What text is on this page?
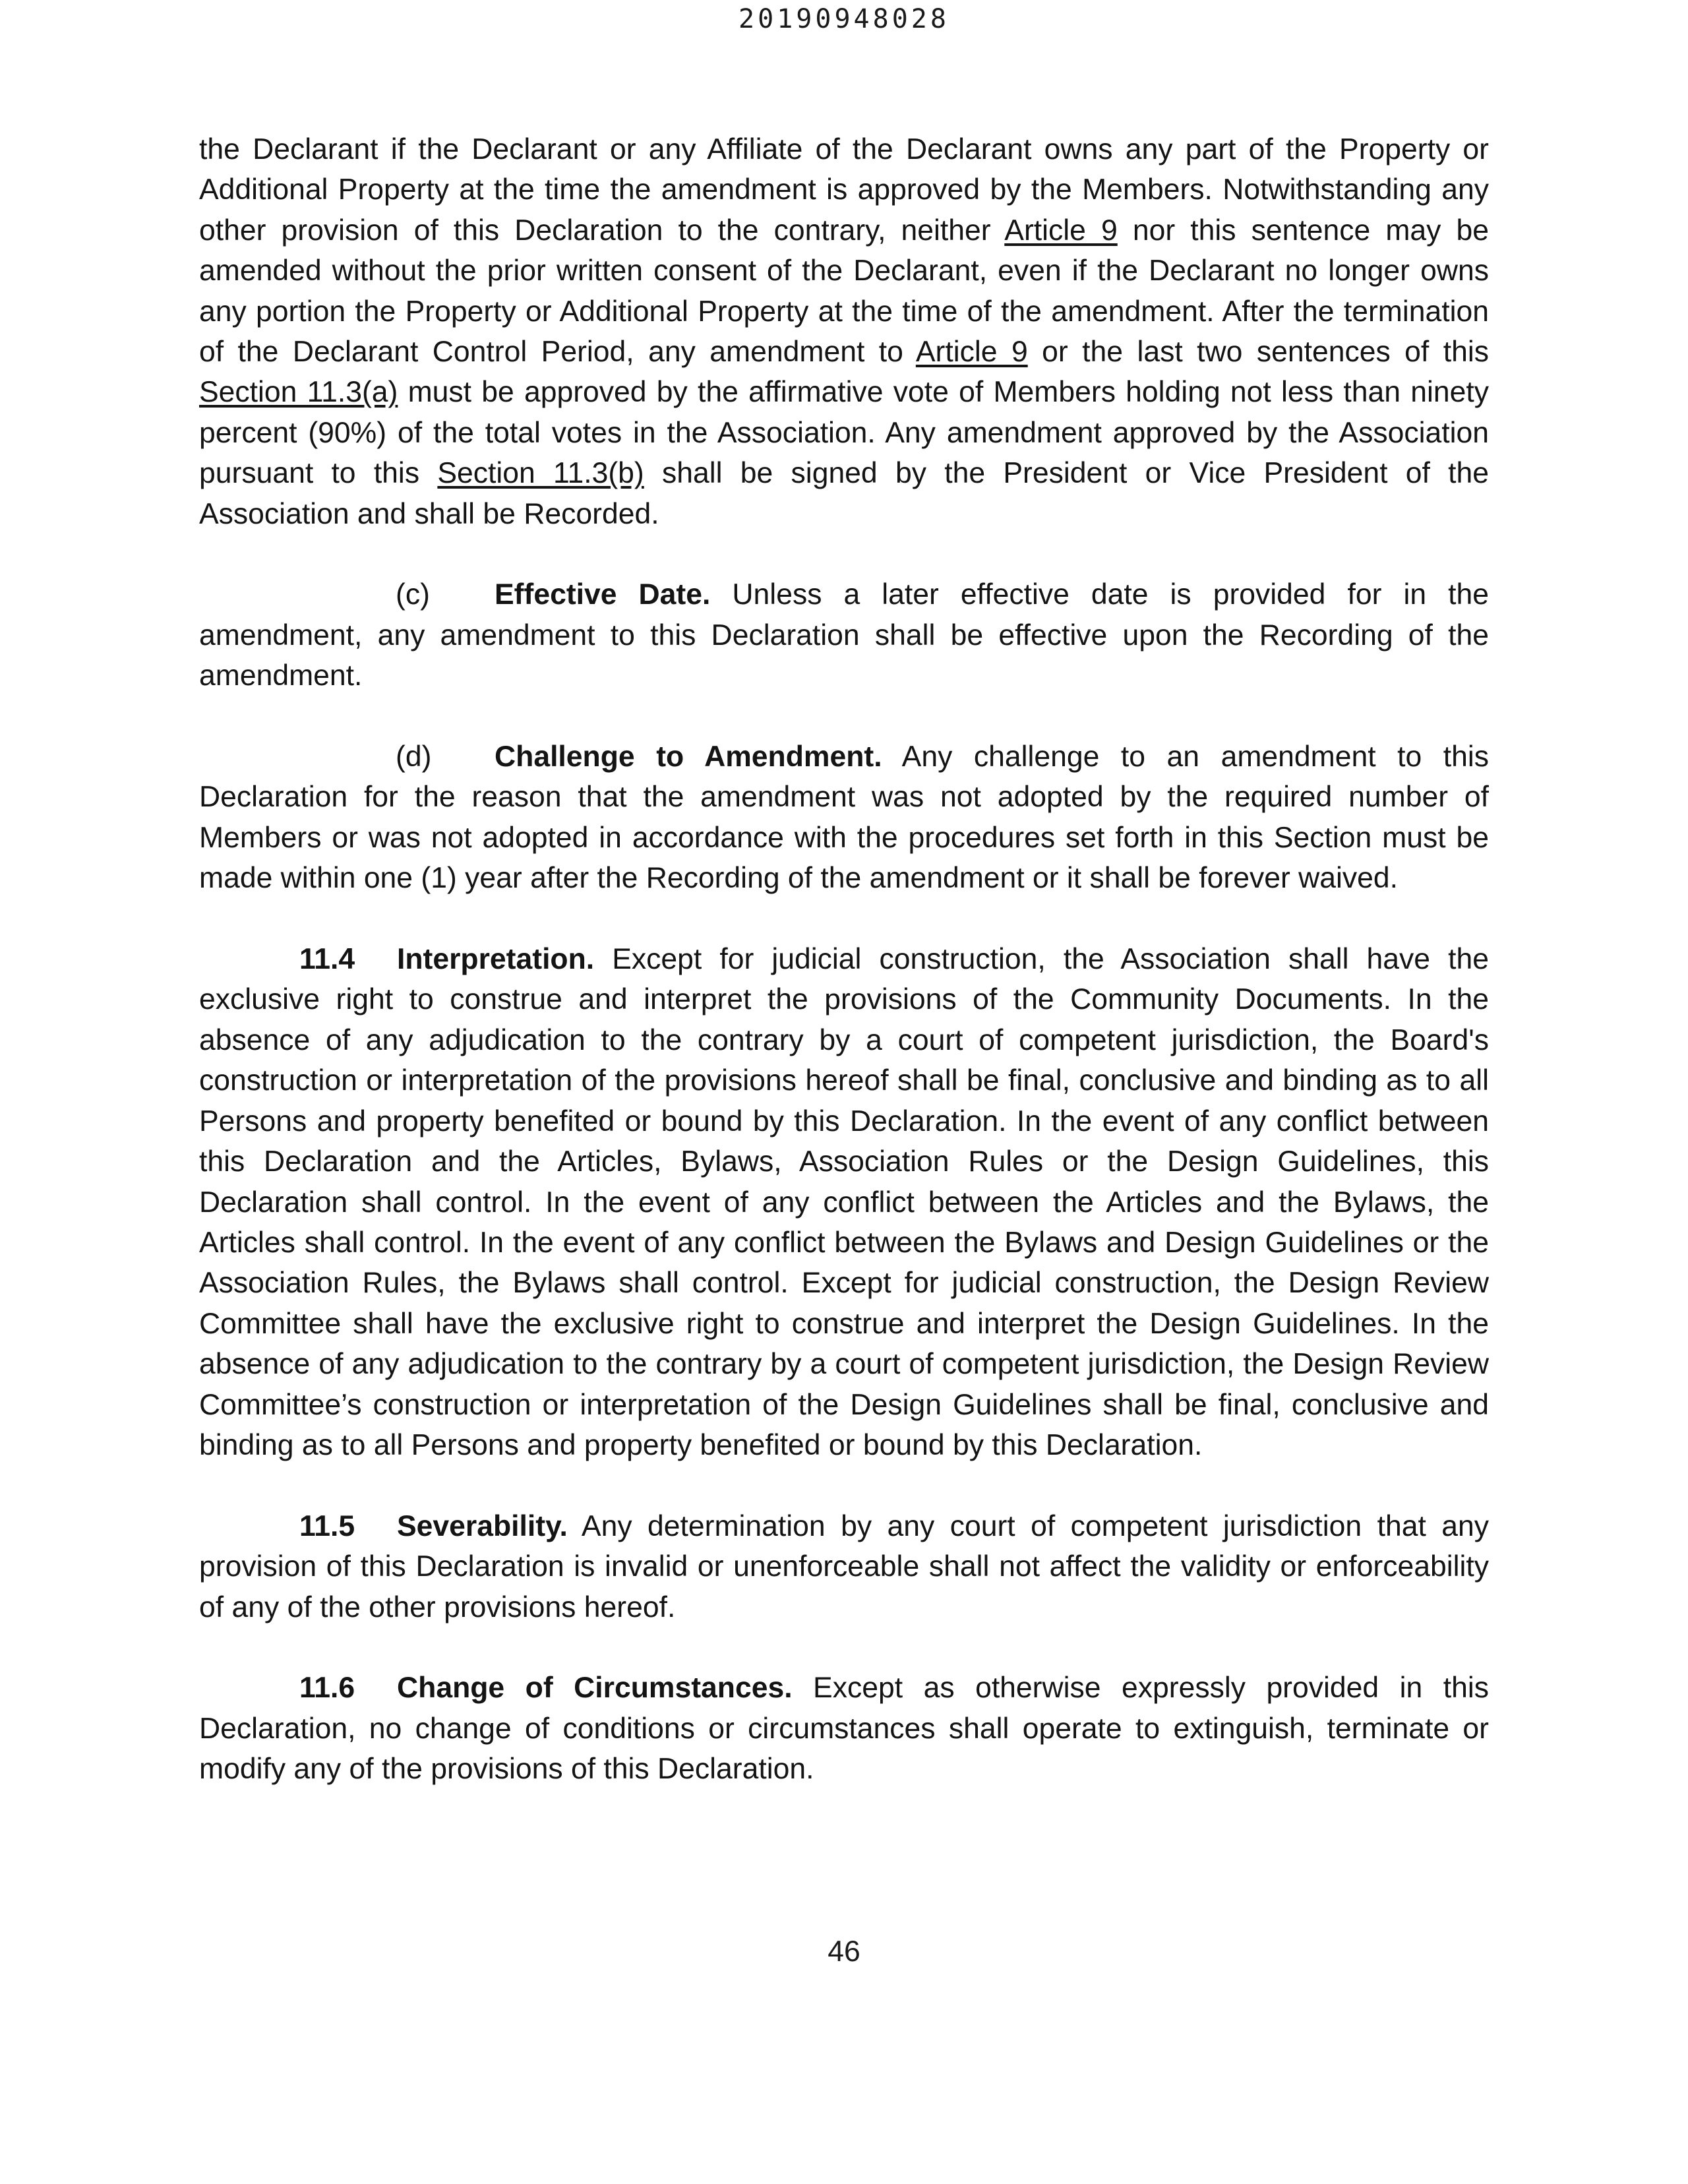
20190948028

the Declarant if the Declarant or any Affiliate of the Declarant owns any part of the Property or Additional Property at the time the amendment is approved by the Members. Notwithstanding any other provision of this Declaration to the contrary, neither Article 9 nor this sentence may be amended without the prior written consent of the Declarant, even if the Declarant no longer owns any portion the Property or Additional Property at the time of the amendment. After the termination of the Declarant Control Period, any amendment to Article 9 or the last two sentences of this Section 11.3(a) must be approved by the affirmative vote of Members holding not less than ninety percent (90%) of the total votes in the Association. Any amendment approved by the Association pursuant to this Section 11.3(b) shall be signed by the President or Vice President of the Association and shall be Recorded.

(c) Effective Date. Unless a later effective date is provided for in the amendment, any amendment to this Declaration shall be effective upon the Recording of the amendment.

(d) Challenge to Amendment. Any challenge to an amendment to this Declaration for the reason that the amendment was not adopted by the required number of Members or was not adopted in accordance with the procedures set forth in this Section must be made within one (1) year after the Recording of the amendment or it shall be forever waived.

11.4 Interpretation. Except for judicial construction, the Association shall have the exclusive right to construe and interpret the provisions of the Community Documents. In the absence of any adjudication to the contrary by a court of competent jurisdiction, the Board's construction or interpretation of the provisions hereof shall be final, conclusive and binding as to all Persons and property benefited or bound by this Declaration. In the event of any conflict between this Declaration and the Articles, Bylaws, Association Rules or the Design Guidelines, this Declaration shall control. In the event of any conflict between the Articles and the Bylaws, the Articles shall control. In the event of any conflict between the Bylaws and Design Guidelines or the Association Rules, the Bylaws shall control. Except for judicial construction, the Design Review Committee shall have the exclusive right to construe and interpret the Design Guidelines. In the absence of any adjudication to the contrary by a court of competent jurisdiction, the Design Review Committee’s construction or interpretation of the Design Guidelines shall be final, conclusive and binding as to all Persons and property benefited or bound by this Declaration.

11.5 Severability. Any determination by any court of competent jurisdiction that any provision of this Declaration is invalid or unenforceable shall not affect the validity or enforceability of any of the other provisions hereof.

11.6 Change of Circumstances. Except as otherwise expressly provided in this Declaration, no change of conditions or circumstances shall operate to extinguish, terminate or modify any of the provisions of this Declaration.

46
